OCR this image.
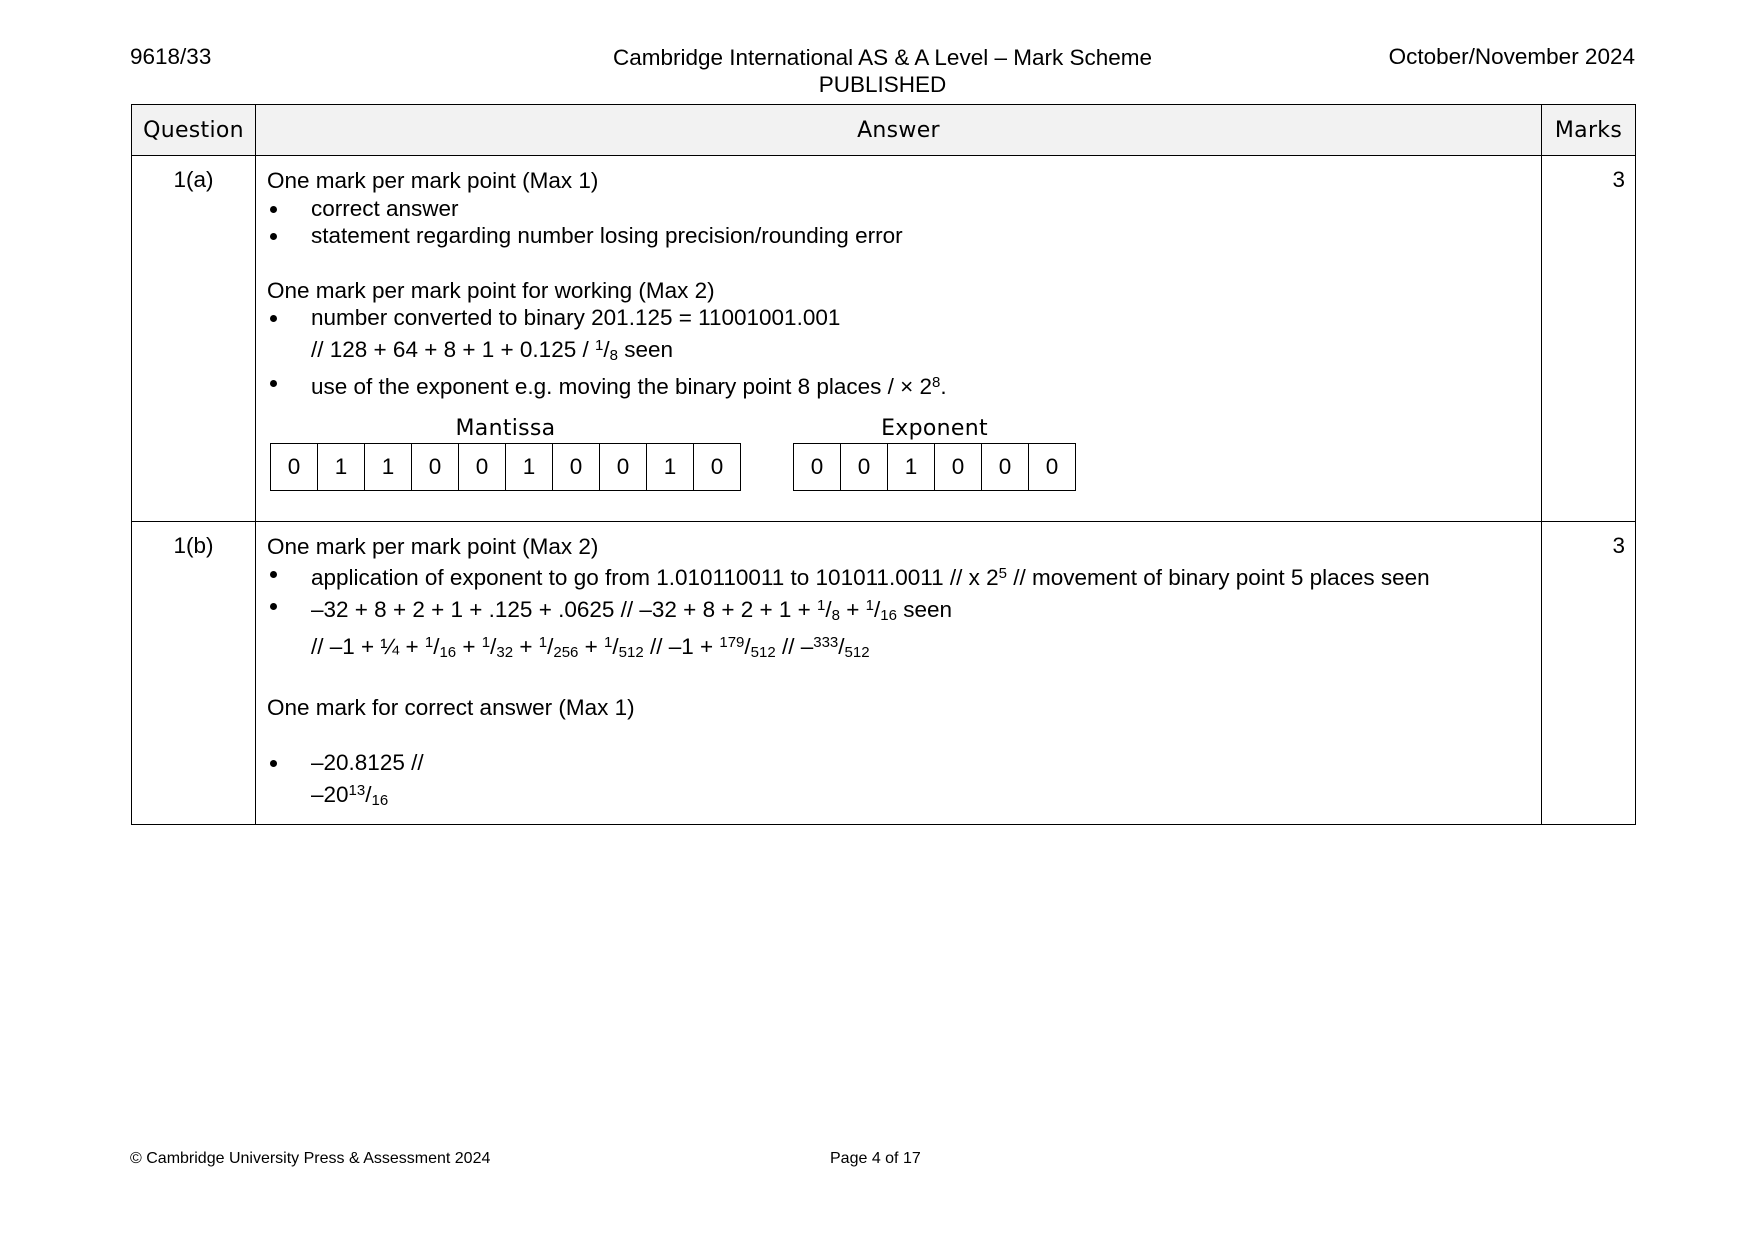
9618/33	Cambridge International AS & A Level – Mark Scheme
PUBLISHED
October/November 2024
Question	Answer	Marks
1(a)	One mark per mark point (Max 1)

correct answer
statement regarding number losing precision/rounding error

One mark per mark point for working (Max 2)

number converted to binary 201.125 = 11001001.001
// $128 + 64 + 8 + 1 + 0.125 / ^1/_8$ seen
use of the exponent e.g. moving the binary point 8 places / × $2^8$.
Mantissa
0	1	1	0	0	1	0	0	1	0
Exponent
0	0	1	0	0	0
	3
1(b)	One mark per mark point (Max 2)

application of exponent to go from 1.010110011 to 101011.0011 // x $2^5$ // movement of binary point 5 places seen
$-32 + 8 + 2 + 1 + .125 + .0625 // -32 + 8 + 2 + 1 + ^1/_8 + ^1/_{16}$ seen
// –1 + ¼ + $^1/_{16} + ^1/_{32} + ^1/_{256} + ^1/_{512} // -1 + ^{179}/_{512} // -^{333}/_{512}$

One mark for correct answer (Max 1)

–20.8125 //
$-20^{13}/_{16}$
	3
© Cambridge University Press & Assessment 2024	Page 4 of 17
